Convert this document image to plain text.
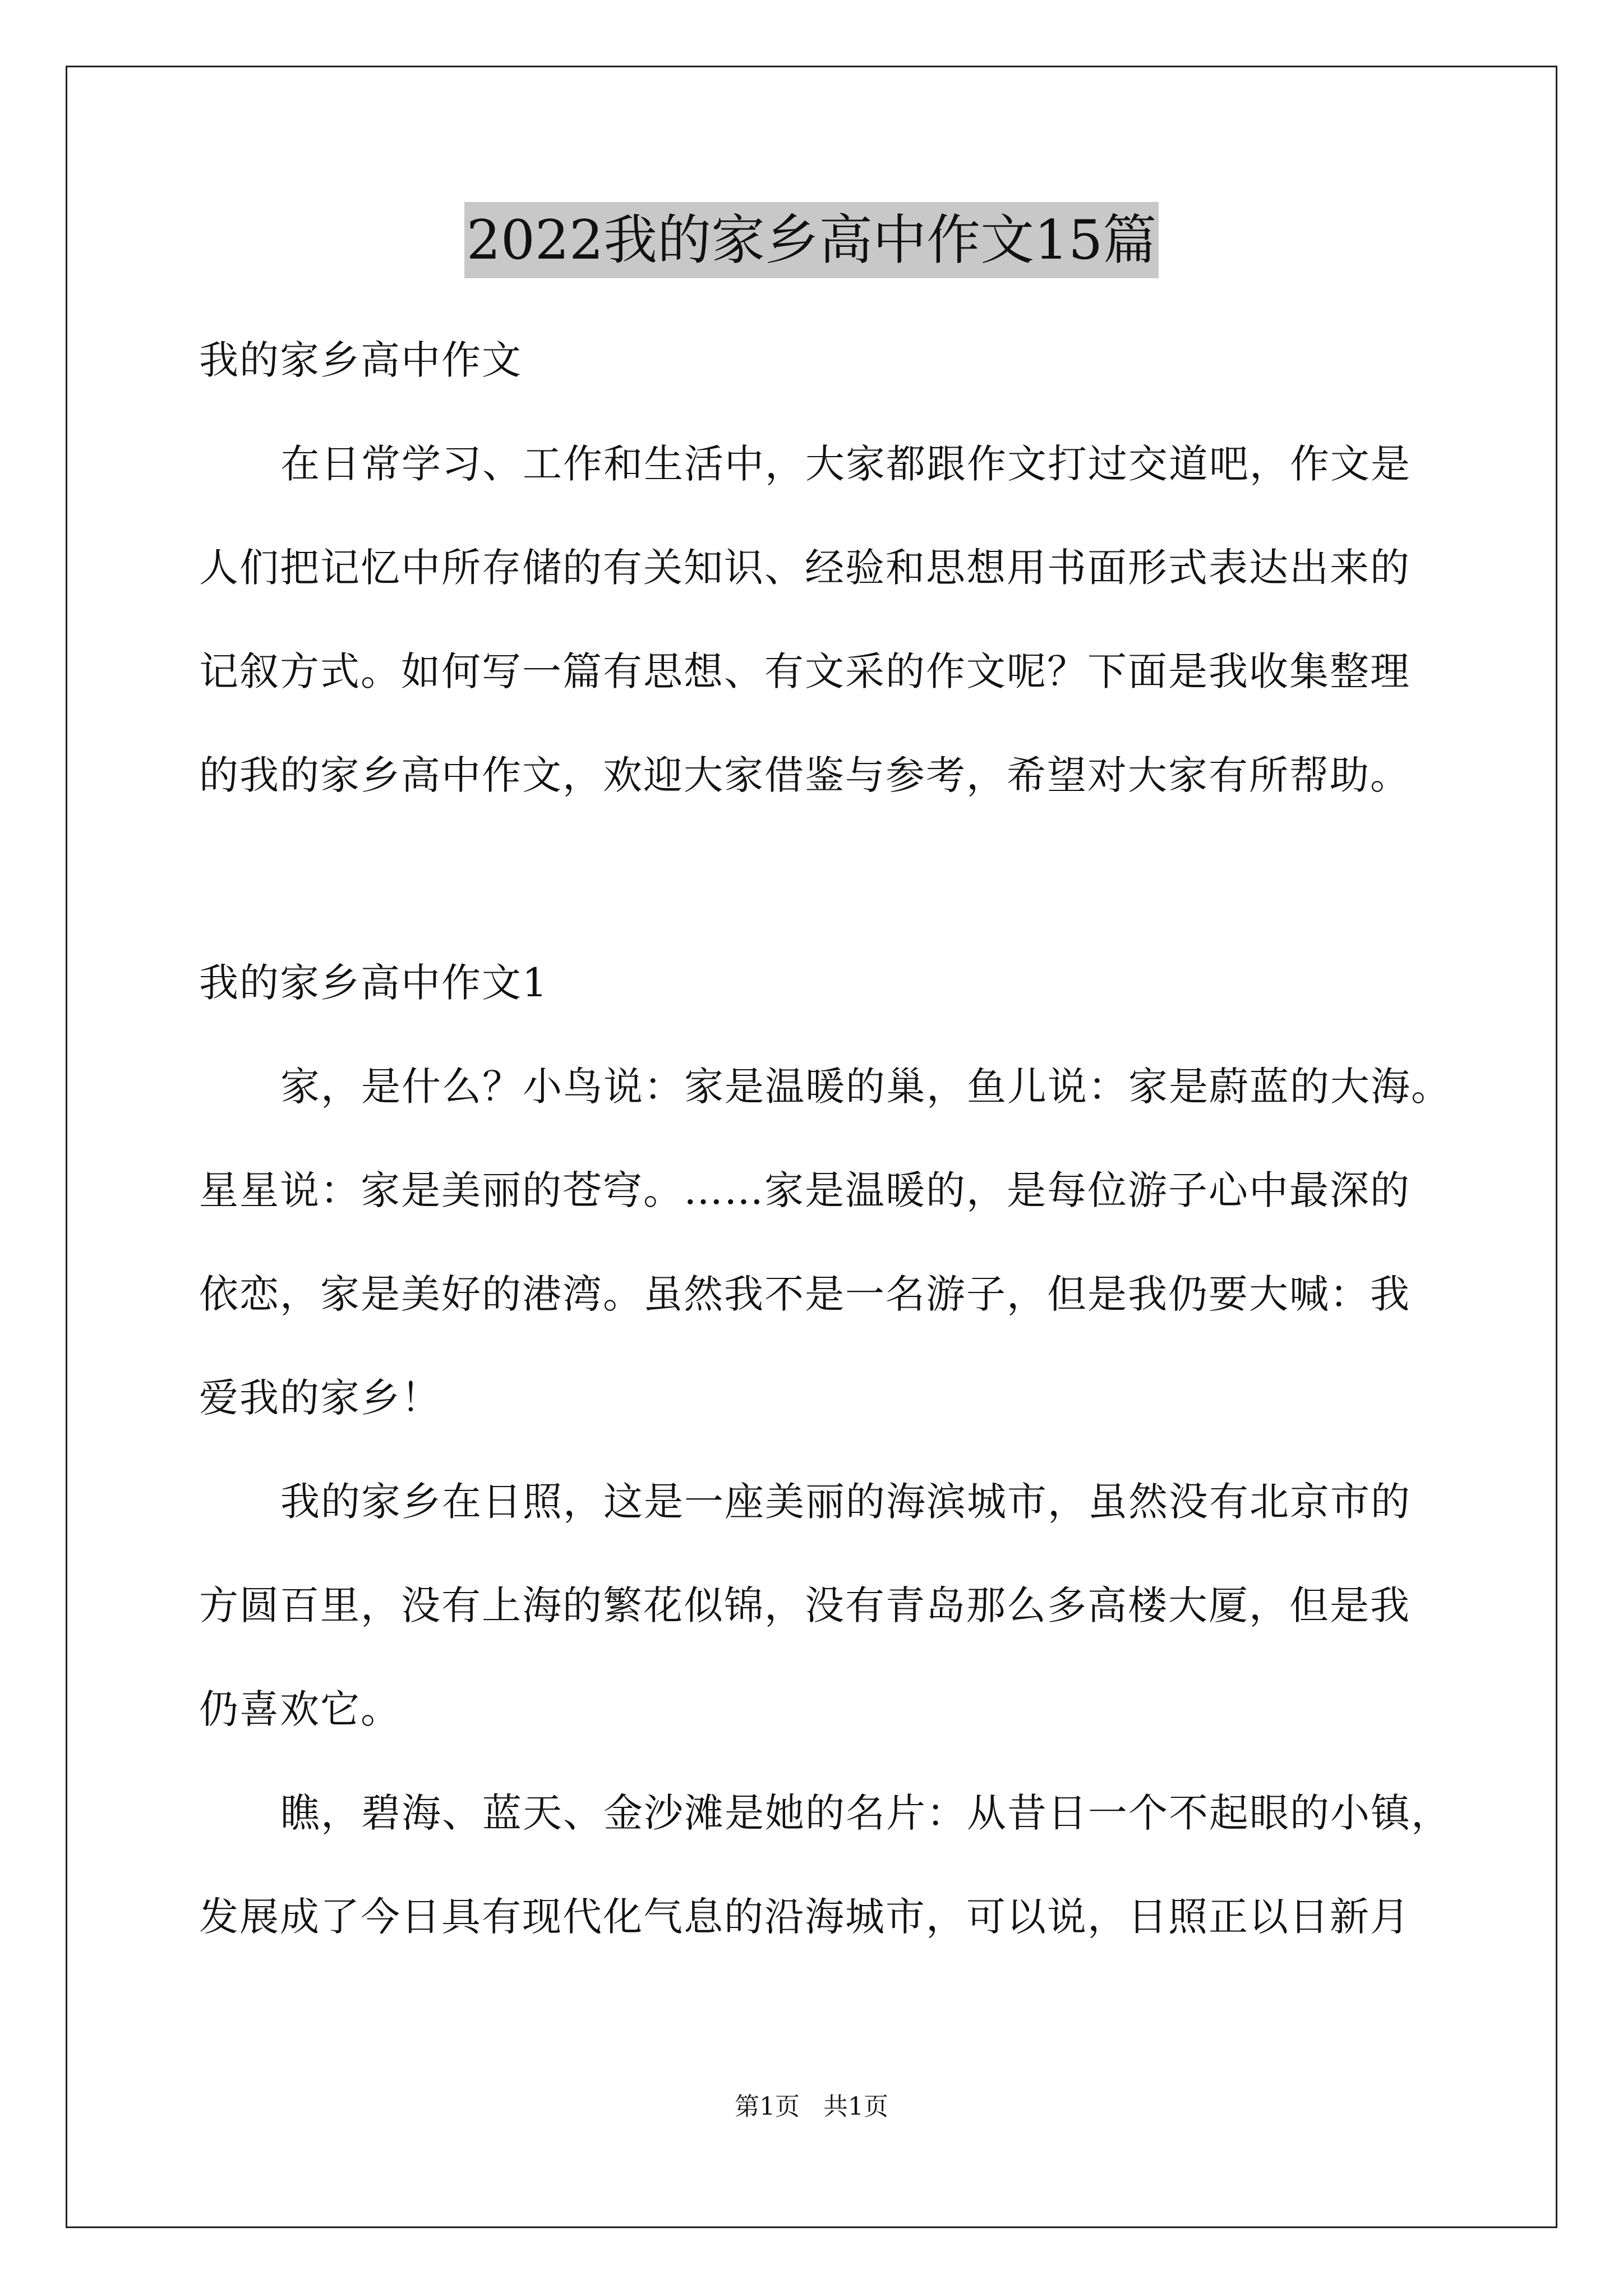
2022我的家乡高中作文15篇
我的家乡高中作文
在日常学习、工作和生活中，大家都跟作文打过交道吧，作文是
人们把记忆中所存储的有关知识、经验和思想用书面形式表达出来的
记叙方式。如何写一篇有思想、有文采的作文呢？下面是我收集整理
的我的家乡高中作文，欢迎大家借鉴与参考，希望对大家有所帮助。
我的家乡高中作文1
家，是什么？小鸟说：家是温暖的巢，鱼儿说：家是蔚蓝的大海。
星星说：家是美丽的苍穹。……家是温暖的，是每位游子心中最深的
依恋，家是美好的港湾。虽然我不是一名游子，但是我仍要大喊：我
爱我的家乡！
我的家乡在日照，这是一座美丽的海滨城市，虽然没有北京市的
方圆百里，没有上海的繁花似锦，没有青岛那么多高楼大厦，但是我
仍喜欢它。
瞧，碧海、蓝天、金沙滩是她的名片：从昔日一个不起眼的小镇，
发展成了今日具有现代化气息的沿海城市，可以说，日照正以日新月
第1页 共1页
